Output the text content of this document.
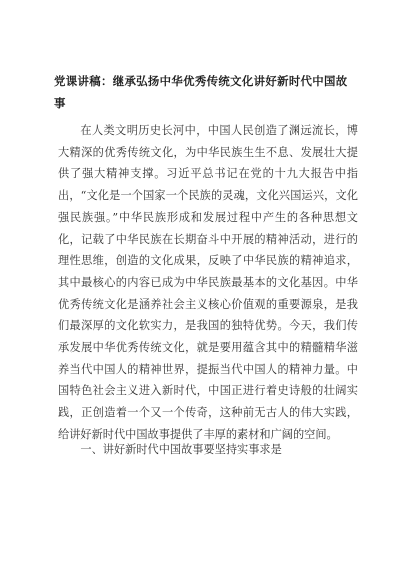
党课讲稿：继承弘扬中华优秀传统文化讲好新时代中国故事

在人类文明历史长河中，中国人民创造了渊远流长，博大精深的优秀传统文化，为中华民族生生不息、发展壮大提供了强大精神支撑。习近平总书记在党的十九大报告中指出，“文化是一个国家一个民族的灵魂，文化兴国运兴，文化强民族强。”中华民族形成和发展过程中产生的各种思想文化，记载了中华民族在长期奋斗中开展的精神活动，进行的理性思维，创造的文化成果，反映了中华民族的精神追求，其中最核心的内容已成为中华民族最基本的文化基因。中华优秀传统文化是涵养社会主义核心价值观的重要源泉，是我们最深厚的文化软实力，是我国的独特优势。今天，我们传承发展中华优秀传统文化，就是要用蕴含其中的精髓精华滋养当代中国人的精神世界，提振当代中国人的精神力量。中国特色社会主义进入新时代，中国正进行着史诗般的壮阔实践，正创造着一个又一个传奇，这种前无古人的伟大实践，给讲好新时代中国故事提供了丰厚的素材和广阔的空间。

一、讲好新时代中国故事要坚持实事求是
